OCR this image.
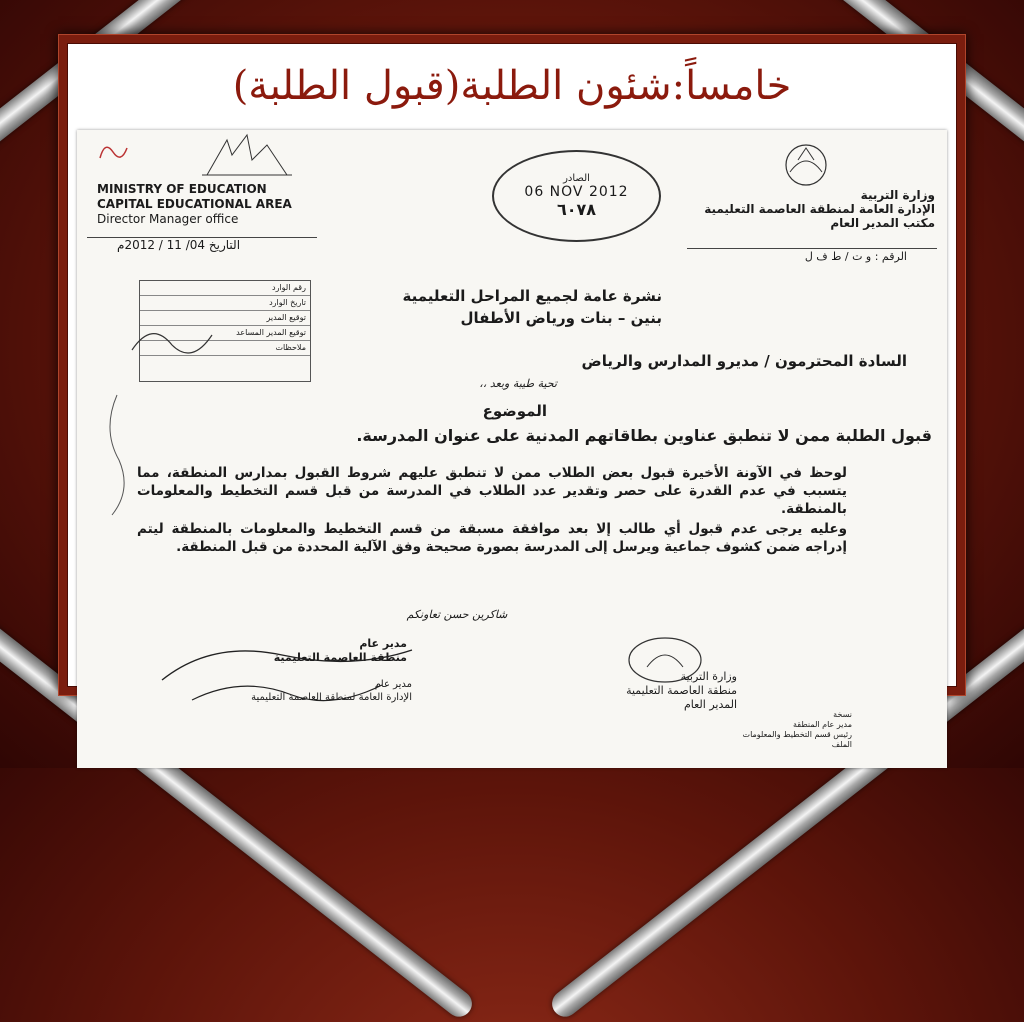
خامساً:شئون الطلبة(قبول الطلبة)
MINISTRY OF EDUCATION
CAPITAL EDUCATIONAL AREA
Director Manager office
وزارة التربية
الإدارة العامة لمنطقة العاصمة التعليمية
مكتب المدير العام
الصادر
06 NOV 2012
٦٠٧٨
التاريخ 04/ 11 / 2012م
الرقم : و ت / ط ف ل
رقم الوارد
تاريخ الوارد
توقيع المدير
توقيع المدير المساعد
ملاحظات
نشرة عامة لجميع المراحل التعليمية
بنين – بنات ورياض الأطفال
السادة المحترمون / مديرو المدارس والرياض
تحية طيبة وبعد ،،
الموضوع
قبول الطلبة ممن لا تنطبق عناوين بطاقاتهم المدنية على عنوان المدرسة.
لوحظ في الآونة الأخيرة قبول بعض الطلاب ممن لا تنطبق عليهم شروط القبول بمدارس المنطقة، مما يتسبب في عدم القدرة على حصر وتقدير عدد الطلاب في المدرسة من قبل قسم التخطيط والمعلومات بالمنطقة.
وعليه يرجى عدم قبول أي طالب إلا بعد موافقة مسبقة من قسم التخطيط والمعلومات بالمنطقة ليتم إدراجه ضمن كشوف جماعية ويرسل إلى المدرسة بصورة صحيحة وفق الآلية المحددة من قبل المنطقة.
شاكرين حسن تعاونكم
مدير عام
منطقة العاصمة التعليمية
مدير عام
الإدارة العامة لمنطقة العاصمة التعليمية
وزارة التربية
منطقة العاصمة التعليمية
المدير العام
نسخة
مدير عام المنطقة
رئيس قسم التخطيط والمعلومات
الملف
